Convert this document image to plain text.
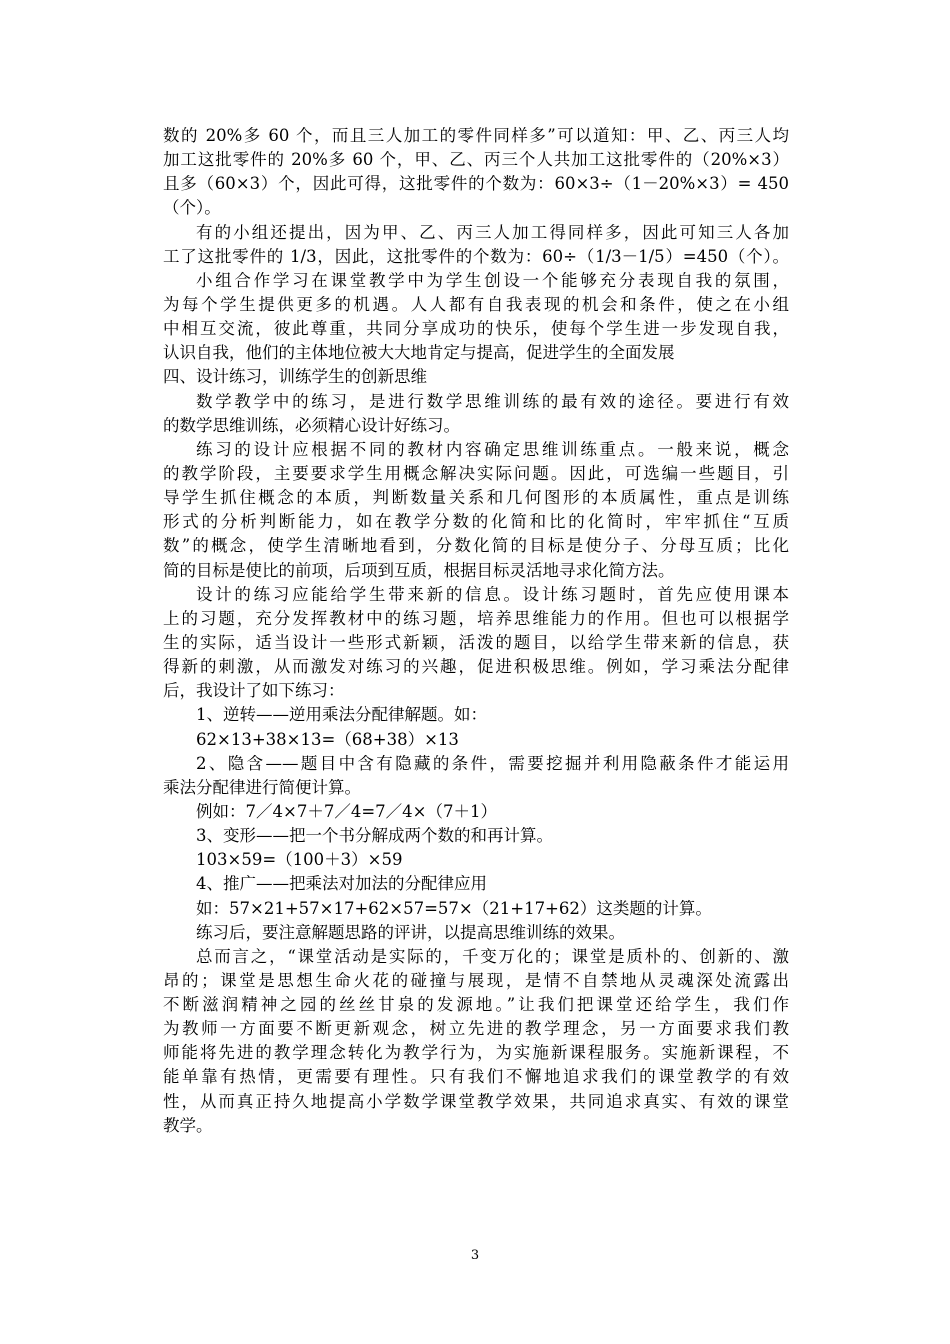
数的 20%多 60 个，而且三人加工的零件同样多”可以道知：甲、乙、丙三人均
加工这批零件的 20%多 60 个，甲、乙、丙三个人共加工这批零件的（20%×3）
且多（60×3）个，因此可得，这批零件的个数为：60×3÷（1－20%×3）= 450
（个）。
有的小组还提出，因为甲、乙、丙三人加工得同样多，因此可知三人各加
工了这批零件的 1/3，因此，这批零件的个数为：60÷（1/3－1/5）=450（个）。
小组合作学习在课堂教学中为学生创设一个能够充分表现自我的氛围，
为每个学生提供更多的机遇。人人都有自我表现的机会和条件，使之在小组
中相互交流，彼此尊重，共同分享成功的快乐，使每个学生进一步发现自我，
认识自我，他们的主体地位被大大地肯定与提高，促进学生的全面发展
四、设计练习，训练学生的创新思维
数学教学中的练习，是进行数学思维训练的最有效的途径。要进行有效
的数学思维训练，必须精心设计好练习。
练习的设计应根据不同的教材内容确定思维训练重点。一般来说，概念
的教学阶段，主要要求学生用概念解决实际问题。因此，可选编一些题目，引
导学生抓住概念的本质，判断数量关系和几何图形的本质属性，重点是训练
形式的分析判断能力，如在教学分数的化简和比的化简时，牢牢抓住“互质
数”的概念，使学生清晰地看到，分数化简的目标是使分子、分母互质；比化
简的目标是使比的前项，后项到互质，根据目标灵活地寻求化简方法。
设计的练习应能给学生带来新的信息。设计练习题时，首先应使用课本
上的习题，充分发挥教材中的练习题，培养思维能力的作用。但也可以根据学
生的实际，适当设计一些形式新颖，活泼的题目，以给学生带来新的信息，获
得新的刺激，从而激发对练习的兴趣，促进积极思维。例如，学习乘法分配律
后，我设计了如下练习：
1、逆转——逆用乘法分配律解题。如：
62×13+38×13=（68+38）×13
2、隐含——题目中含有隐藏的条件，需要挖掘并利用隐蔽条件才能运用
乘法分配律进行简便计算。
例如：7／4×7＋7／4=7／4×（7＋1）
3、变形——把一个书分解成两个数的和再计算。
103×59=（100＋3）×59
4、推广——把乘法对加法的分配律应用
如：57×21+57×17+62×57=57×（21+17+62）这类题的计算。
练习后，要注意解题思路的评讲，以提高思维训练的效果。
总而言之，“课堂活动是实际的，千变万化的；课堂是质朴的、创新的、激
昂的；课堂是思想生命火花的碰撞与展现，是情不自禁地从灵魂深处流露出
不断滋润精神之园的丝丝甘泉的发源地。”让我们把课堂还给学生，我们作
为教师一方面要不断更新观念，树立先进的教学理念，另一方面要求我们教
师能将先进的教学理念转化为教学行为，为实施新课程服务。实施新课程，不
能单靠有热情，更需要有理性。只有我们不懈地追求我们的课堂教学的有效
性，从而真正持久地提高小学数学课堂教学效果，共同追求真实、有效的课堂
教学。
3
